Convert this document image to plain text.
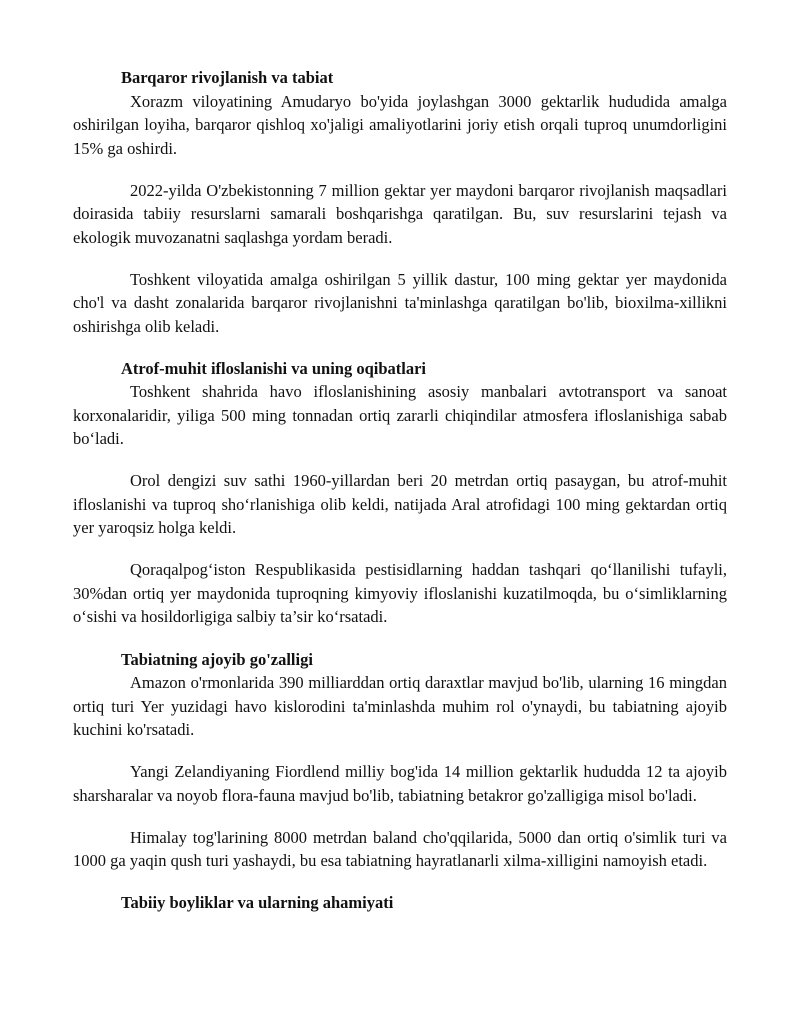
Barqaror rivojlanish va tabiat

Xorazm viloyatining Amudaryo bo'yida joylashgan 3000 gektarlik hududida amalga oshirilgan loyiha, barqaror qishloq xo'jaligi amaliyotlarini joriy etish orqali tuproq unumdorligini 15% ga oshirdi.

2022-yilda O'zbekistonning 7 million gektar yer maydoni barqaror rivojlanish maqsadlari doirasida tabiiy resurslarni samarali boshqarishga qaratilgan. Bu, suv resurslarini tejash va ekologik muvozanatni saqlashga yordam beradi.

Toshkent viloyatida amalga oshirilgan 5 yillik dastur, 100 ming gektar yer maydonida cho'l va dasht zonalarida barqaror rivojlanishni ta'minlashga qaratilgan bo'lib, bioxilma-xillikni oshirishga olib keladi.

Atrof-muhit ifloslanishi va uning oqibatlari

Toshkent shahrida havo ifloslanishining asosiy manbalari avtotransport va sanoat korxonalaridir, yiliga 500 ming tonnadan ortiq zararli chiqindilar atmosfera ifloslanishiga sabab bo‘ladi.

Orol dengizi suv sathi 1960-yillardan beri 20 metrdan ortiq pasaygan, bu atrof-muhit ifloslanishi va tuproq sho‘rlanishiga olib keldi, natijada Aral atrofidagi 100 ming gektardan ortiq yer yaroqsiz holga keldi.

Qoraqalpog‘iston Respublikasida pestisidlarning haddan tashqari qo‘llanilishi tufayli, 30%dan ortiq yer maydonida tuproqning kimyoviy ifloslanishi kuzatilmoqda, bu o‘simliklarning o‘sishi va hosildorligiga salbiy ta’sir ko‘rsatadi.

Tabiatning ajoyib go'zalligi

Amazon o'rmonlarida 390 milliarddan ortiq daraxtlar mavjud bo'lib, ularning 16 mingdan ortiq turi Yer yuzidagi havo kislorodini ta'minlashda muhim rol o'ynaydi, bu tabiatning ajoyib kuchini ko'rsatadi.

Yangi Zelandiyaning Fiordlend milliy bog'ida 14 million gektarlik hududda 12 ta ajoyib sharsharalar va noyob flora-fauna mavjud bo'lib, tabiatning betakror go'zalligiga misol bo'ladi.

Himalay tog'larining 8000 metrdan baland cho'qqilarida, 5000 dan ortiq o'simlik turi va 1000 ga yaqin qush turi yashaydi, bu esa tabiatning hayratlanarli xilma-xilligini namoyish etadi.

Tabiiy boyliklar va ularning ahamiyati
